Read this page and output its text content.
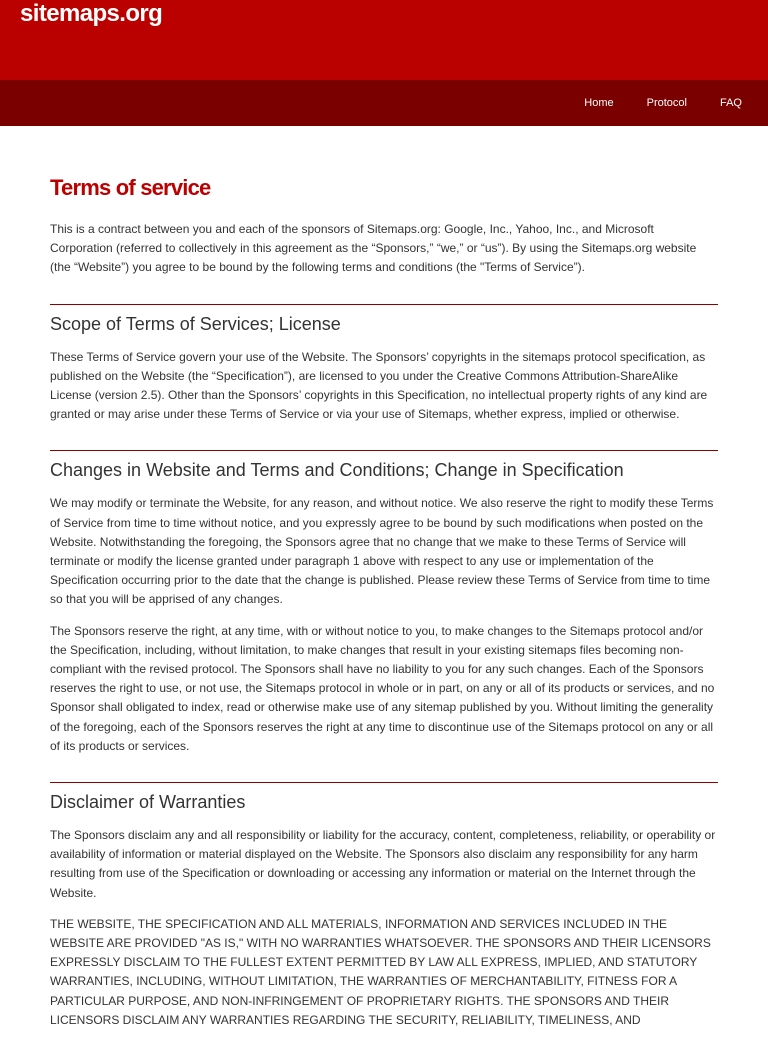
sitemaps.org
Home	Protocol	FAQ
Terms of service

This is a contract between you and each of the sponsors of Sitemaps.org: Google, Inc., Yahoo, Inc., and Microsoft Corporation (referred to collectively in this agreement as the “Sponsors,” “we,” or “us”). By using the Sitemaps.org website (the “Website”) you agree to be bound by the following terms and conditions (the "Terms of Service”).

Scope of Terms of Services; License

These Terms of Service govern your use of the Website. The Sponsors’ copyrights in the sitemaps protocol specification, as published on the Website (the “Specification”), are licensed to you under the Creative Commons Attribution-ShareAlike License (version 2.5). Other than the Sponsors’ copyrights in this Specification, no intellectual property rights of any kind are granted or may arise under these Terms of Service or via your use of Sitemaps, whether express, implied or otherwise.

Changes in Website and Terms and Conditions; Change in Specification

We may modify or terminate the Website, for any reason, and without notice. We also reserve the right to modify these Terms of Service from time to time without notice, and you expressly agree to be bound by such modifications when posted on the Website. Notwithstanding the foregoing, the Sponsors agree that no change that we make to these Terms of Service will terminate or modify the license granted under paragraph 1 above with respect to any use or implementation of the Specification occurring prior to the date that the change is published. Please review these Terms of Service from time to time so that you will be apprised of any changes.

The Sponsors reserve the right, at any time, with or without notice to you, to make changes to the Sitemaps protocol and/or the Specification, including, without limitation, to make changes that result in your existing sitemaps files becoming non-compliant with the revised protocol. The Sponsors shall have no liability to you for any such changes. Each of the Sponsors reserves the right to use, or not use, the Sitemaps protocol in whole or in part, on any or all of its products or services, and no Sponsor shall obligated to index, read or otherwise make use of any sitemap published by you. Without limiting the generality of the foregoing, each of the Sponsors reserves the right at any time to discontinue use of the Sitemaps protocol on any or all of its products or services.

Disclaimer of Warranties

The Sponsors disclaim any and all responsibility or liability for the accuracy, content, completeness, reliability, or operability or availability of information or material displayed on the Website. The Sponsors also disclaim any responsibility for any harm resulting from use of the Specification or downloading or accessing any information or material on the Internet through the Website.

THE WEBSITE, THE SPECIFICATION AND ALL MATERIALS, INFORMATION AND SERVICES INCLUDED IN THE WEBSITE ARE PROVIDED "AS IS," WITH NO WARRANTIES WHATSOEVER. THE SPONSORS AND THEIR LICENSORS EXPRESSLY DISCLAIM TO THE FULLEST EXTENT PERMITTED BY LAW ALL EXPRESS, IMPLIED, AND STATUTORY WARRANTIES, INCLUDING, WITHOUT LIMITATION, THE WARRANTIES OF MERCHANTABILITY, FITNESS FOR A PARTICULAR PURPOSE, AND NON-INFRINGEMENT OF PROPRIETARY RIGHTS. THE SPONSORS AND THEIR LICENSORS DISCLAIM ANY WARRANTIES REGARDING THE SECURITY, RELIABILITY, TIMELINESS, AND
